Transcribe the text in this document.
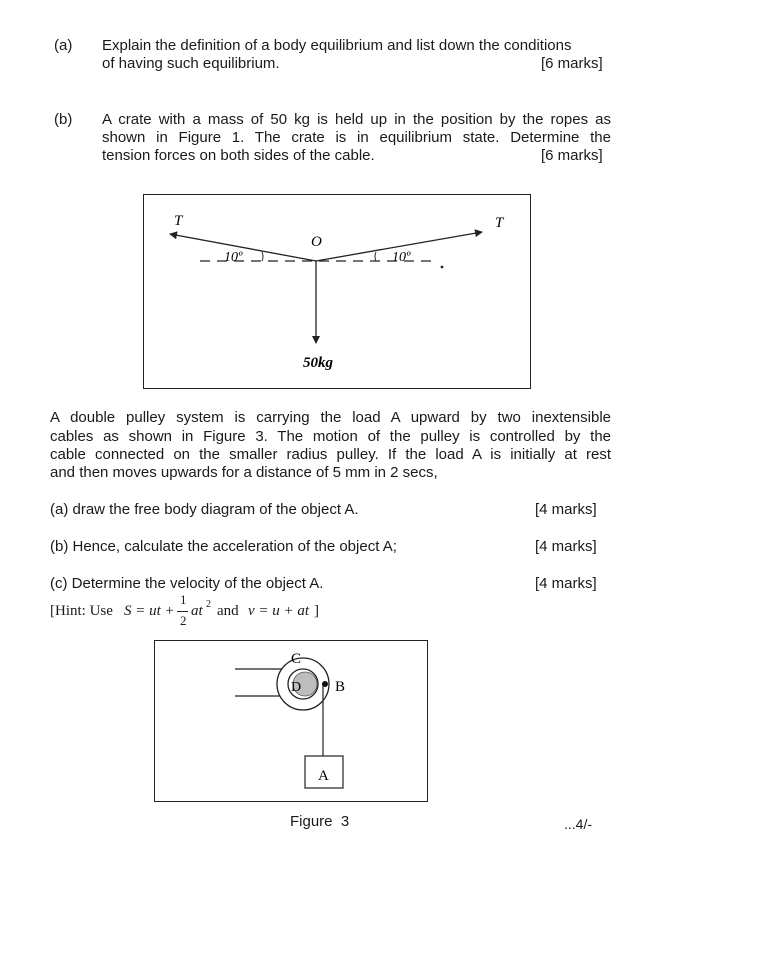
(a) Explain the definition of a body equilibrium and list down the conditions
of having such equilibrium.	[6 marks]
(b) A crate with a mass of 50 kg is held up in the position by the ropes as
shown in Figure 1. The crate is in equilibrium state. Determine the
tension forces on both sides of the cable.	[6 marks]
T	T
O
10º	10º
50kg
A double pulley system is carrying the load A upward by two inextensible
cables as shown in Figure 3. The motion of the pulley is controlled by the
cable connected on the smaller radius pulley. If the load A is initially at rest
and then moves upwards for a distance of 5 mm in 2 secs,
(a) draw the free body diagram of the object A.	[4 marks]
(b) Hence, calculate the acceleration of the object A;	[4 marks]
(c) Determine the velocity of the object A.	[4 marks]
[Hint: Use S = ut +
1
2
at 2 and v = u + at ]
C
D B
A
Figure  3	...4/-
